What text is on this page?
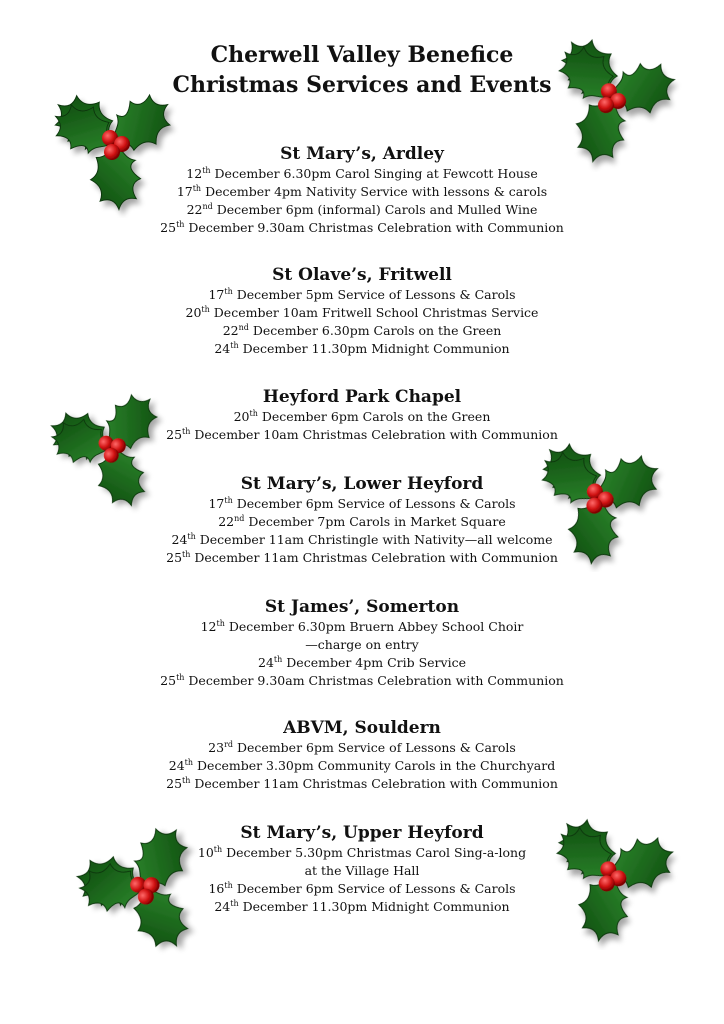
Cherwell Valley Benefice
Christmas Services and Events
St Mary’s, Ardley
12th December 6.30pm Carol Singing at Fewcott House
17th December 4pm Nativity Service with lessons & carols
22nd December 6pm (informal) Carols and Mulled Wine
25th December 9.30am Christmas Celebration with Communion
St Olave’s, Fritwell
17th December 5pm Service of Lessons & Carols
20th December 10am Fritwell School Christmas Service
22nd December 6.30pm Carols on the Green
24th December 11.30pm Midnight Communion
Heyford Park Chapel
20th December 6pm Carols on the Green
25th December 10am Christmas Celebration with Communion
St Mary’s, Lower Heyford
17th December 6pm Service of Lessons & Carols
22nd December 7pm Carols in Market Square
24th December 11am Christingle with Nativity—all welcome
25th December 11am Christmas Celebration with Communion
St James’, Somerton
12th December 6.30pm Bruern Abbey School Choir
—charge on entry
24th December 4pm Crib Service
25th December 9.30am Christmas Celebration with Communion
ABVM, Souldern
23rd December 6pm Service of Lessons & Carols
24th December 3.30pm Community Carols in the Churchyard
25th December 11am Christmas Celebration with Communion
St Mary’s, Upper Heyford
10th December 5.30pm Christmas Carol Sing-a-long
at the Village Hall
16th December 6pm Service of Lessons & Carols
24th December 11.30pm Midnight Communion
